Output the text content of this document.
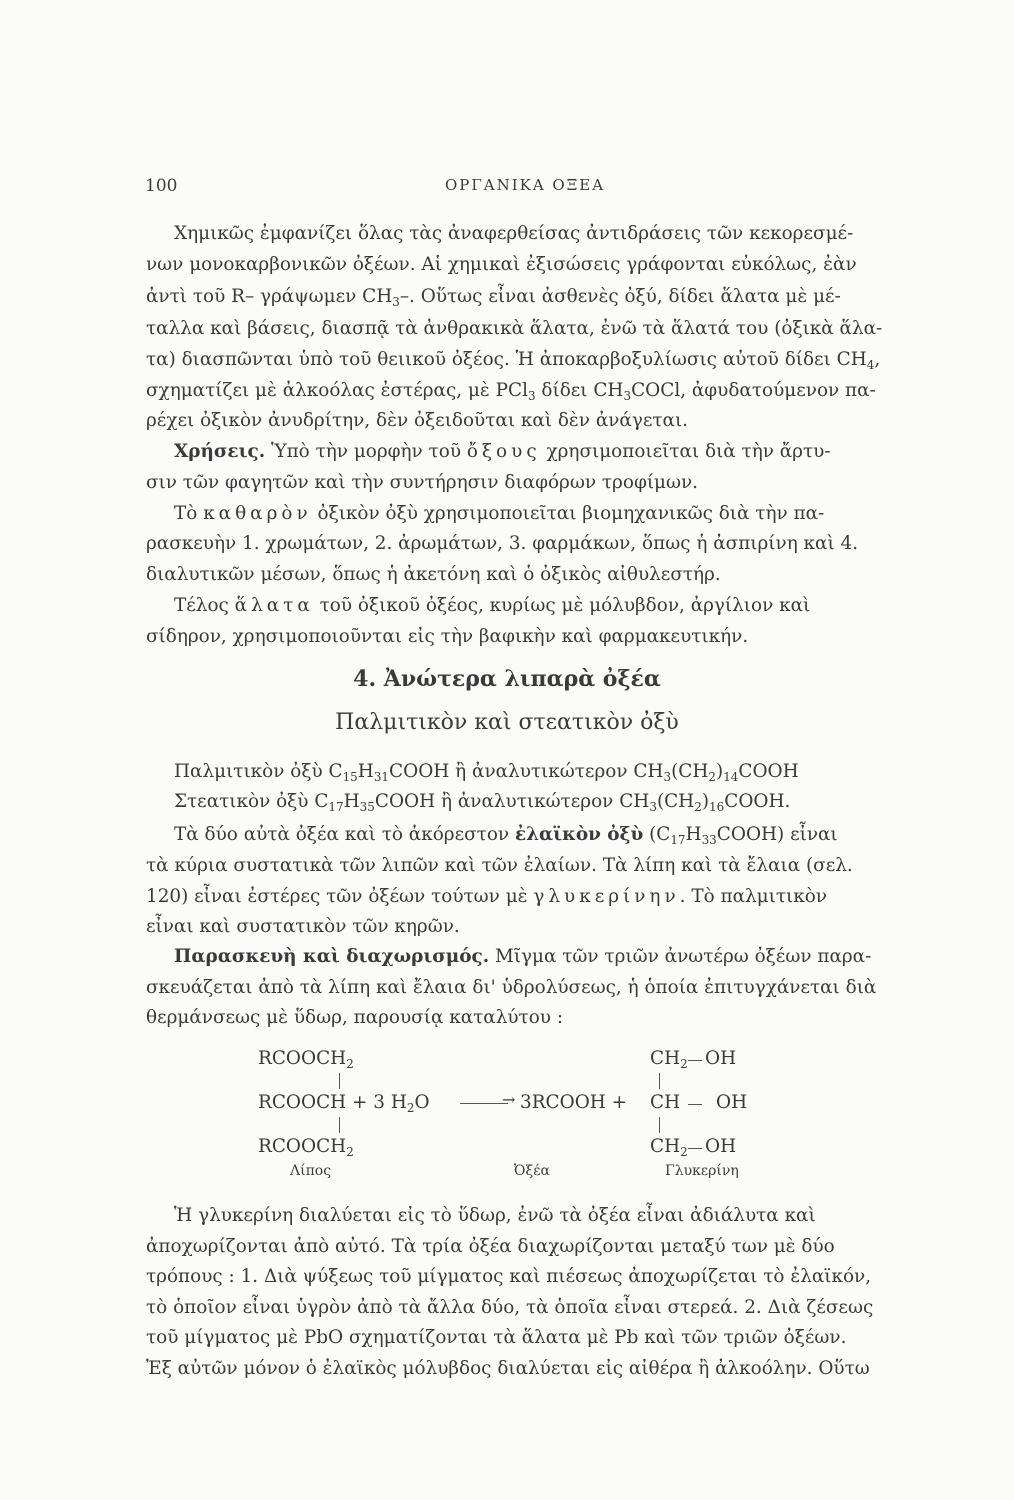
100	ΟΡΓΑΝΙΚΑ ΟΞΕΑ
Χημικῶς ἐμφανίζει ὅλας τὰς ἀναφερθείσας ἀντιδράσεις τῶν κεκορεσμέ-
νων μονοκαρβονικῶν ὀξέων. Αἱ χημικαὶ ἐξισώσεις γράφονται εὐκόλως, ἐὰν
ἀντὶ τοῦ R– γράψωμεν $CH_3-$. Οὕτως εἶναι ἀσθενὲς ὀξύ, δίδει ἅλατα μὲ μέ-
ταλλα καὶ βάσεις, διασπᾷ τὰ ἀνθρακικὰ ἅλατα, ἐνῶ τὰ ἅλατά του (ὀξικὰ ἅλα-
τα) διασπῶνται ὑπὸ τοῦ θειικοῦ ὀξέος. Ἡ ἀποκαρβοξυλίωσις αὐτοῦ δίδει $CH_4$,
σχηματίζει μὲ ἀλκοόλας ἐστέρας, μὲ PCl$_3$ δίδει $CH_3COCl$, ἀφυδατούμενον πα-
ρέχει ὀξικὸν ἀνυδρίτην, δὲν ὀξειδοῦται καὶ δὲν ἀνάγεται.
Χρήσεις. Ὑπὸ τὴν μορφὴν τοῦ ὄξους χρησιμοποιεῖται διὰ τὴν ἄρτυ-
σιν τῶν φαγητῶν καὶ τὴν συντήρησιν διαφόρων τροφίμων.
Τὸ καθαρὸν ὀξικὸν ὀξὺ χρησιμοποιεῖται βιομηχανικῶς διὰ τὴν πα-
ρασκευὴν 1. χρωμάτων, 2. ἀρωμάτων, 3. φαρμάκων, ὅπως ἡ ἀσπιρίνη καὶ 4.
διαλυτικῶν μέσων, ὅπως ἡ ἀκετόνη καὶ ὁ ὀξικὸς αἰθυλεστήρ.
Τέλος ἅλατα τοῦ ὀξικοῦ ὀξέος, κυρίως μὲ μόλυβδον, ἀργίλιον καὶ
σίδηρον, χρησιμοποιοῦνται εἰς τὴν βαφικὴν καὶ φαρμακευτικήν.
4. Ἀνώτερα λιπαρὰ ὀξέα
Παλμιτικὸν καὶ στεατικὸν ὀξὺ
Παλμιτικὸν ὀξὺ $C_{15}H_{31}COOH$ ἢ ἀναλυτικώτερον $CH_3(CH_2)_{14}COOH$
Στεατικὸν ὀξὺ $C_{17}H_{35}COOH$ ἢ ἀναλυτικώτερον $CH_3(CH_2)_{16}COOH$.
Τὰ δύο αὐτὰ ὀξέα καὶ τὸ ἀκόρεστον ἐλαϊκὸν ὀξὺ $(C_{17}H_{33}COOH)$ εἶναι
τὰ κύρια συστατικὰ τῶν λιπῶν καὶ τῶν ἐλαίων. Τὰ λίπη καὶ τὰ ἔλαια (σελ.
120) εἶναι ἐστέρες τῶν ὀξέων τούτων μὲ γλυκερίνην. Τὸ παλμιτικὸν
εἶναι καὶ συστατικὸν τῶν κηρῶν.
Παρασκευὴ καὶ διαχωρισμός. Μῖγμα τῶν τριῶν ἀνωτέρω ὀξέων παρα-
σκευάζεται ἀπὸ τὰ λίπη καὶ ἔλαια δι' ὑδρολύσεως, ἡ ὁποία ἐπιτυγχάνεται διὰ
θερμάνσεως μὲ ὕδωρ, παρουσίᾳ καταλύτου :
$RCOOCH_2$
RCOOCH + 3 $H_2O$	→ 3RCOOH +
$RCOOCH_2$
$CH_2$ OH
CH OH
$CH_2$ OH
Λίπος	Ὀξέα	Γλυκερίνη
Ἡ γλυκερίνη διαλύεται εἰς τὸ ὕδωρ, ἐνῶ τὰ ὀξέα εἶναι ἀδιάλυτα καὶ
ἀποχωρίζονται ἀπὸ αὐτό. Τὰ τρία ὀξέα διαχωρίζονται μεταξύ των μὲ δύο
τρόπους : 1. Διὰ ψύξεως τοῦ μίγματος καὶ πιέσεως ἀποχωρίζεται τὸ ἐλαϊκόν,
τὸ ὁποῖον εἶναι ὑγρὸν ἀπὸ τὰ ἄλλα δύο, τὰ ὁποῖα εἶναι στερεά. 2. Διὰ ζέσεως
τοῦ μίγματος μὲ PbO σχηματίζονται τὰ ἅλατα μὲ Pb καὶ τῶν τριῶν ὀξέων.
Ἐξ αὐτῶν μόνον ὁ ἐλαϊκὸς μόλυβδος διαλύεται εἰς αἰθέρα ἢ ἀλκοόλην. Οὕτω
